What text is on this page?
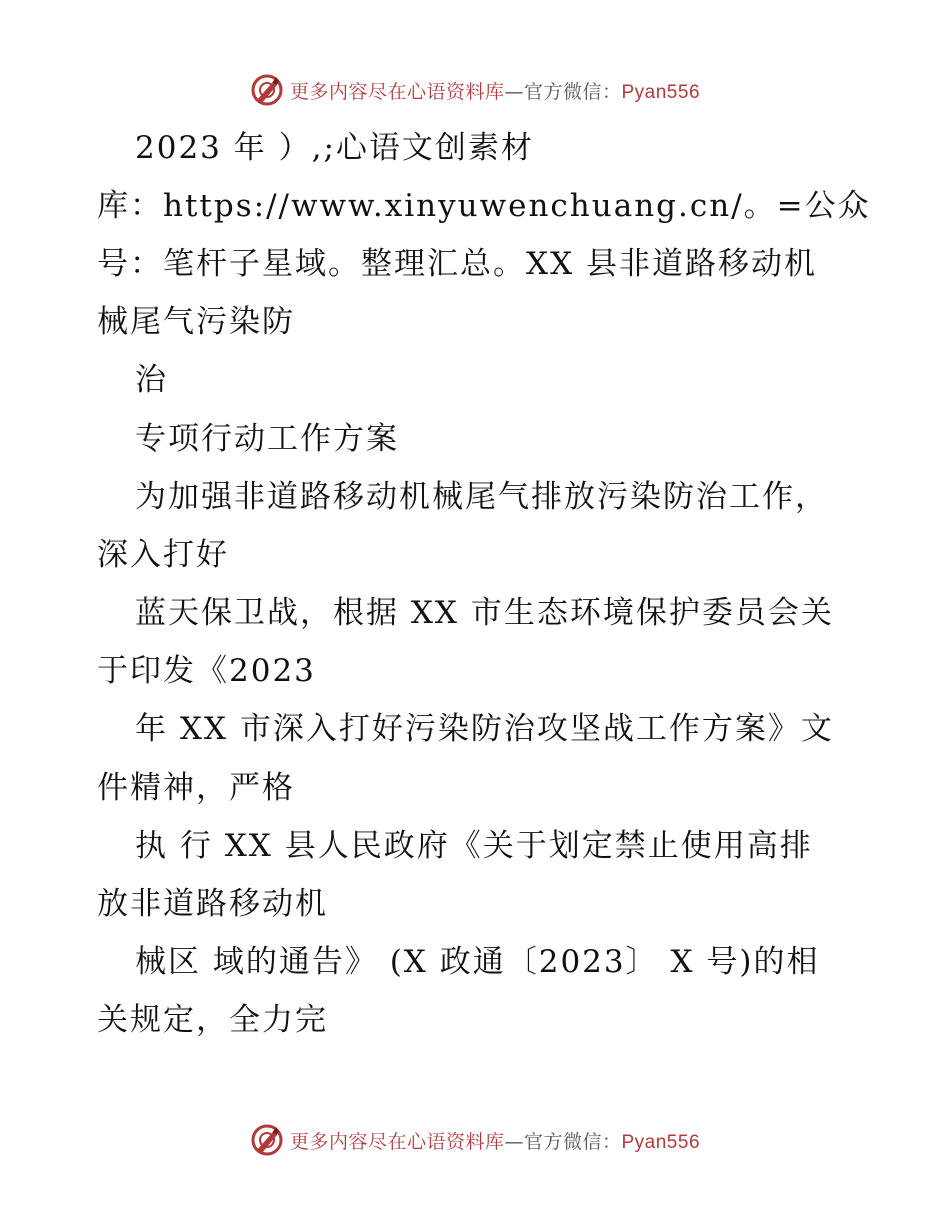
更多内容尽在心语资料库—官方微信：Pyan556
2023 年 ）,;心语文创素材
库：https://www.xinyuwenchuang.cn/。=公众
号：笔杆子星域。整理汇总。XX 县非道路移动机
械尾气污染防
治
专项行动工作方案
为加强非道路移动机械尾气排放污染防治工作，
深入打好
蓝天保卫战，根据 XX 市生态环境保护委员会关
于印发《2023
年 XX 市深入打好污染防治攻坚战工作方案》文
件精神，严格
执 行 XX 县人民政府《关于划定禁止使用高排
放非道路移动机
械区 域的通告》 (X 政通〔2023〕 X 号)的相
关规定，全力完
更多内容尽在心语资料库—官方微信：Pyan556
